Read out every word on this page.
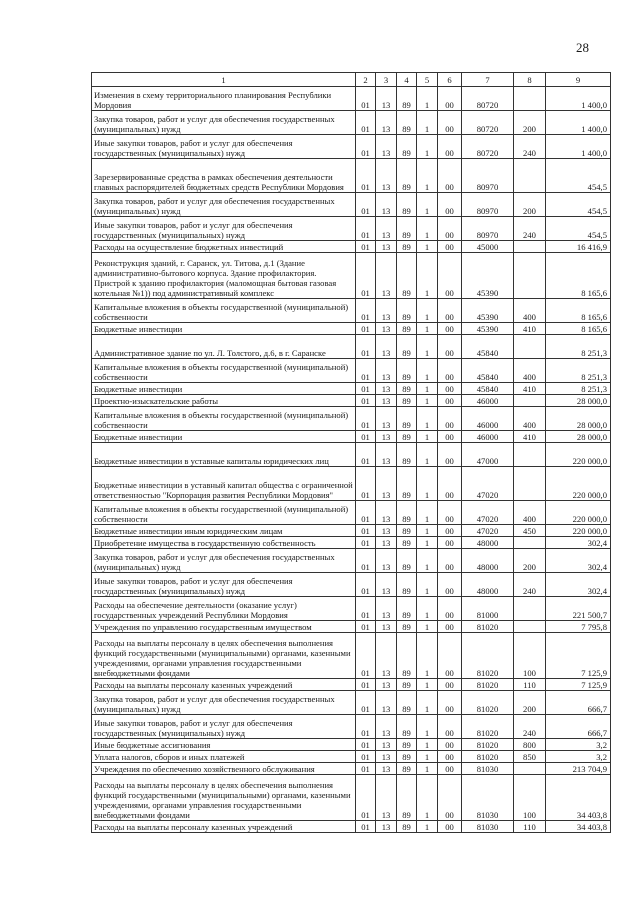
28
1	2	3	4	5	6	7	8	9
Изменения в схему территориального планирования Республики Мордовия	01	13	89	1	00	80720		1 400,0
Закупка товаров, работ и услуг для обеспечения государственных (муниципальных) нужд	01	13	89	1	00	80720	200	1 400,0
Иные закупки товаров, работ и услуг для обеспечения государственных (муниципальных) нужд	01	13	89	1	00	80720	240	1 400,0
Зарезервированные средства в рамках обеспечения деятельности главных распорядителей бюджетных средств Республики Мордовия	01	13	89	1	00	80970		454,5
Закупка товаров, работ и услуг для обеспечения государственных (муниципальных) нужд	01	13	89	1	00	80970	200	454,5
Иные закупки товаров, работ и услуг для обеспечения государственных (муниципальных) нужд	01	13	89	1	00	80970	240	454,5
Расходы на осуществление бюджетных инвестиций	01	13	89	1	00	45000		16 416,9
Реконструкция зданий, г. Саранск, ул. Титова, д.1 (Здание административно-бытового корпуса. Здание профилактория. Пристрой к зданию профилактория (маломощная бытовая газовая котельная №1)) под административный комплекс	01	13	89	1	00	45390		8 165,6
Капитальные вложения в объекты государственной (муниципальной) собственности	01	13	89	1	00	45390	400	8 165,6
Бюджетные инвестиции	01	13	89	1	00	45390	410	8 165,6
Административное здание по ул. Л. Толстого, д.6, в г. Саранске	01	13	89	1	00	45840		8 251,3
Капитальные вложения в объекты государственной (муниципальной) собственности	01	13	89	1	00	45840	400	8 251,3
Бюджетные инвестиции	01	13	89	1	00	45840	410	8 251,3
Проектно-изыскательские работы	01	13	89	1	00	46000		28 000,0
Капитальные вложения в объекты государственной (муниципальной) собственности	01	13	89	1	00	46000	400	28 000,0
Бюджетные инвестиции	01	13	89	1	00	46000	410	28 000,0
Бюджетные инвестиции в уставные капиталы юридических лиц	01	13	89	1	00	47000		220 000,0
Бюджетные инвестиции в уставный капитал общества с ограниченной ответственностью "Корпорация развития Республики Мордовия"	01	13	89	1	00	47020		220 000,0
Капитальные вложения в объекты государственной (муниципальной) собственности	01	13	89	1	00	47020	400	220 000,0
Бюджетные инвестиции иным юридическим лицам	01	13	89	1	00	47020	450	220 000,0
Приобретение имущества в государственную собственность	01	13	89	1	00	48000		302,4
Закупка товаров, работ и услуг для обеспечения государственных (муниципальных) нужд	01	13	89	1	00	48000	200	302,4
Иные закупки товаров, работ и услуг для обеспечения государственных (муниципальных) нужд	01	13	89	1	00	48000	240	302,4
Расходы на обеспечение деятельности (оказание услуг) государственных учреждений Республики Мордовия	01	13	89	1	00	81000		221 500,7
Учреждения по управлению государственным имуществом	01	13	89	1	00	81020		7 795,8
Расходы на выплаты персоналу в целях обеспечения выполнения функций государственными (муниципальными) органами, казенными учреждениями, органами управления государственными внебюджетными фондами	01	13	89	1	00	81020	100	7 125,9
Расходы на выплаты персоналу казенных учреждений	01	13	89	1	00	81020	110	7 125,9
Закупка товаров, работ и услуг для обеспечения государственных (муниципальных) нужд	01	13	89	1	00	81020	200	666,7
Иные закупки товаров, работ и услуг для обеспечения государственных (муниципальных) нужд	01	13	89	1	00	81020	240	666,7
Иные бюджетные ассигнования	01	13	89	1	00	81020	800	3,2
Уплата налогов, сборов и иных платежей	01	13	89	1	00	81020	850	3,2
Учреждения по обеспечению хозяйственного обслуживания	01	13	89	1	00	81030		213 704,9
Расходы на выплаты персоналу в целях обеспечения выполнения функций государственными (муниципальными) органами, казенными учреждениями, органами управления государственными внебюджетными фондами	01	13	89	1	00	81030	100	34 403,8
Расходы на выплаты персоналу казенных учреждений	01	13	89	1	00	81030	110	34 403,8
